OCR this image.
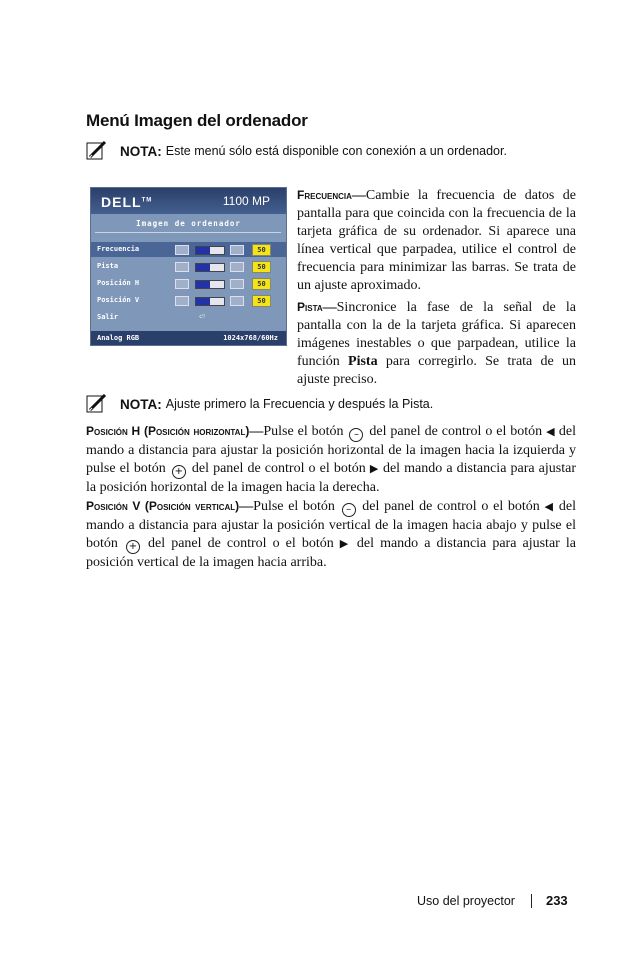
Menú Imagen del ordenador
NOTA: Este menú sólo está disponible con conexión a un ordenador.
DELL™	1100 MP
Imagen de ordenador
Frecuencia	50
Pista	50
Posición H	50
Posición V	50
Salir	⏎
Analog RGB	1024x768/60Hz
Frecuencia—Cambie la frecuencia de datos de pantalla para que coincida con la frecuencia de la tarjeta gráfica de su ordenador. Si aparece una línea vertical que parpadea, utilice el control de frecuencia para minimizar las barras. Se trata de un ajuste aproximado.
Pista—Sincronice la fase de la señal de la pantalla con la de la tarjeta gráfica. Si aparecen imágenes inestables o que parpadean, utilice la función Pista para corregirlo. Se trata de un ajuste preciso.
NOTA: Ajuste primero la Frecuencia y después la Pista.
Posición H (Posición horizontal)—Pulse el botón – del panel de control o el botón ◀ del mando a distancia para ajustar la posición horizontal de la imagen hacia la izquierda y pulse el botón + del panel de control o el botón ▶ del mando a distancia para ajustar la posición horizontal de la imagen hacia la derecha.
Posición V (Posición vertical)—Pulse el botón – del panel de control o el botón ◀ del mando a distancia para ajustar la posición vertical de la imagen hacia abajo y pulse el botón + del panel de control o el botón ▶ del mando a distancia para ajustar la posición vertical de la imagen hacia arriba.
Uso del proyector 233
